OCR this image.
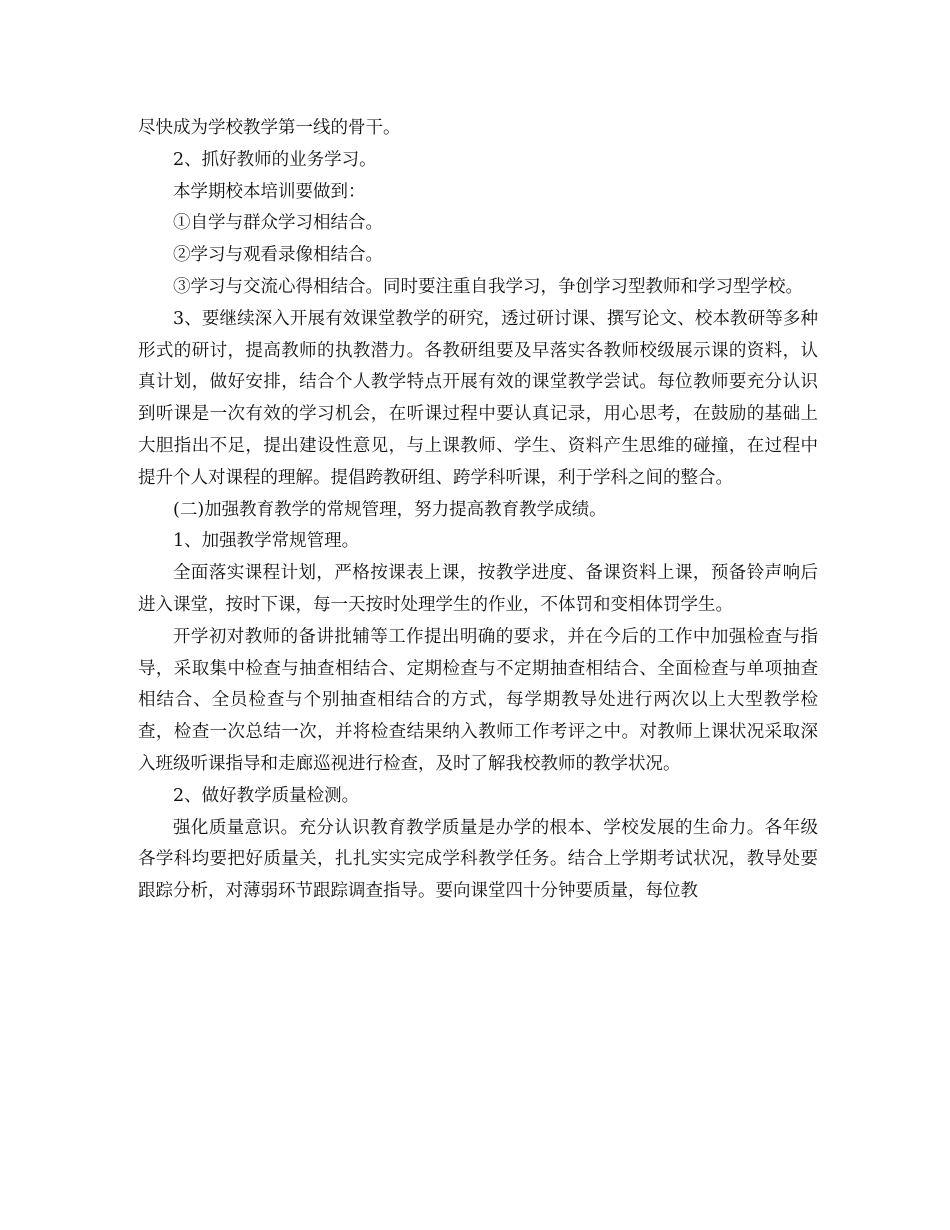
尽快成为学校教学第一线的骨干。

2、抓好教师的业务学习。

本学期校本培训要做到：

①自学与群众学习相结合。

②学习与观看录像相结合。

③学习与交流心得相结合。同时要注重自我学习，争创学习型教师和学习型学校。

3、要继续深入开展有效课堂教学的研究，透过研讨课、撰写论文、校本教研等多种形式的研讨，提高教师的执教潜力。各教研组要及早落实各教师校级展示课的资料，认真计划，做好安排，结合个人教学特点开展有效的课堂教学尝试。每位教师要充分认识到听课是一次有效的学习机会，在听课过程中要认真记录，用心思考，在鼓励的基础上大胆指出不足，提出建设性意见，与上课教师、学生、资料产生思维的碰撞，在过程中提升个人对课程的理解。提倡跨教研组、跨学科听课，利于学科之间的整合。

(二)加强教育教学的常规管理，努力提高教育教学成绩。

1、加强教学常规管理。

全面落实课程计划，严格按课表上课，按教学进度、备课资料上课，预备铃声响后进入课堂，按时下课，每一天按时处理学生的作业，不体罚和变相体罚学生。

开学初对教师的备讲批辅等工作提出明确的要求，并在今后的工作中加强检查与指导，采取集中检查与抽查相结合、定期检查与不定期抽查相结合、全面检查与单项抽查相结合、全员检查与个别抽查相结合的方式，每学期教导处进行两次以上大型教学检查，检查一次总结一次，并将检查结果纳入教师工作考评之中。对教师上课状况采取深入班级听课指导和走廊巡视进行检查，及时了解我校教师的教学状况。

2、做好教学质量检测。

强化质量意识。充分认识教育教学质量是办学的根本、学校发展的生命力。各年级各学科均要把好质量关，扎扎实实完成学科教学任务。结合上学期考试状况，教导处要跟踪分析，对薄弱环节跟踪调查指导。要向课堂四十分钟要质量，每位教
